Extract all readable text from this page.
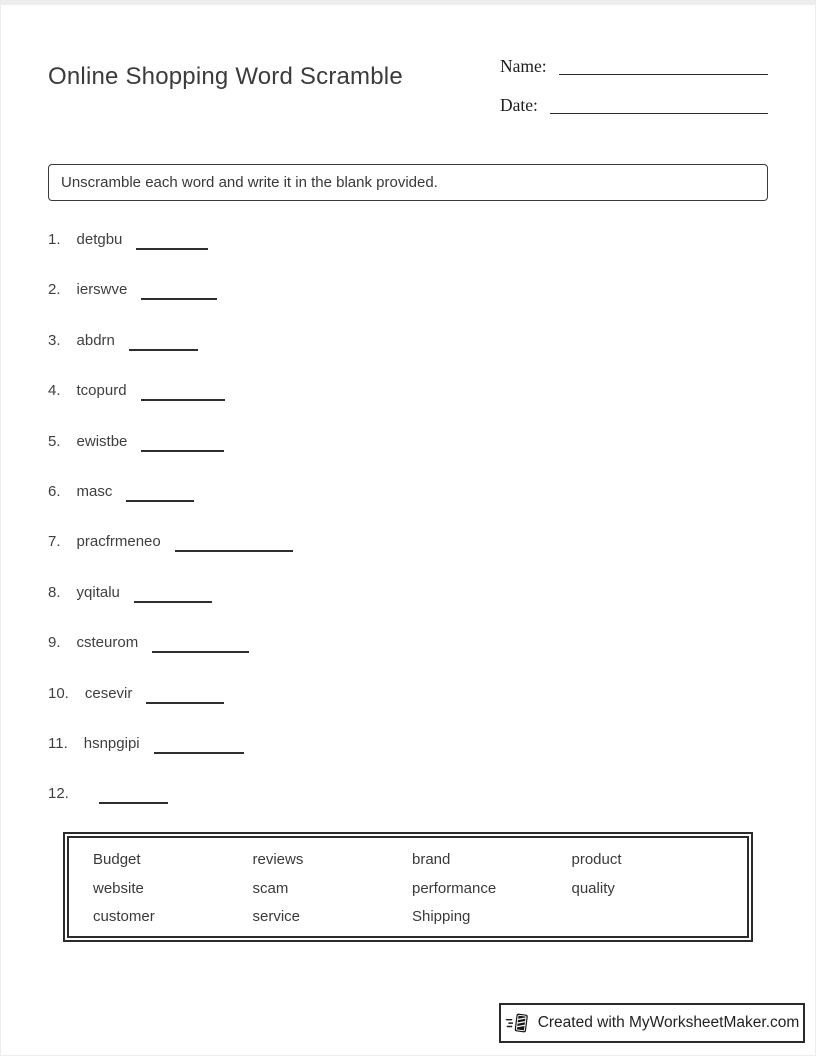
Online Shopping Word Scramble	Name:
Date:
Unscramble each word and write it in the blank provided.
1. detgbu
2. ierswve
3. abdrn
4. tcopurd
5. ewistbe
6. masc
7. pracfrmeneo
8. yqitalu
9. csteurom
10. cesevir
11. hsnpgipi
12.
Budget	reviews	brand	product
website	scam	performance	quality
customer	service	Shipping
Created with MyWorksheetMaker.com
